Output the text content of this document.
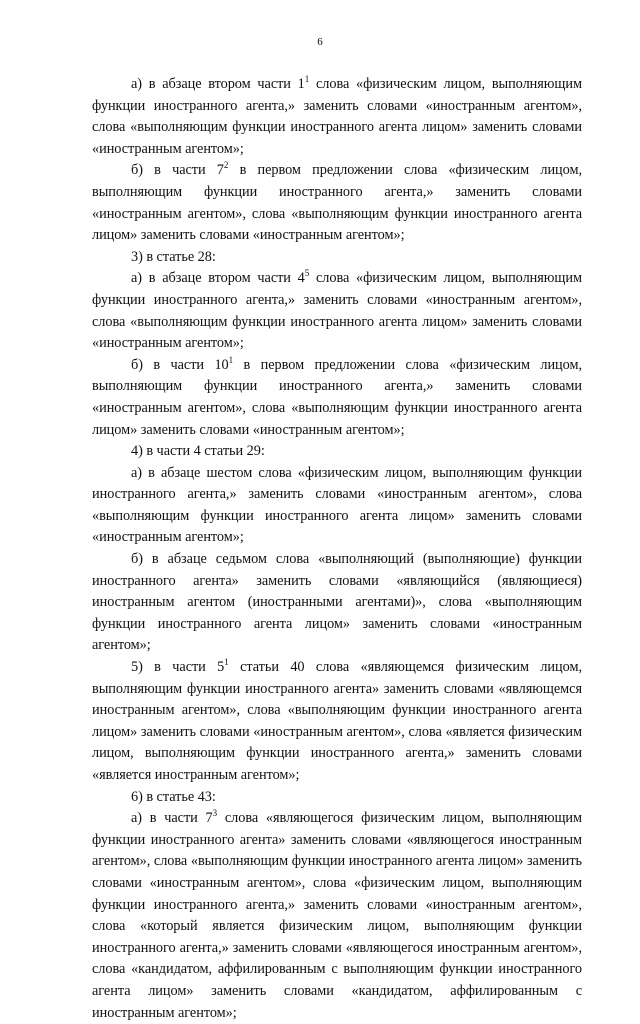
6

а) в абзаце втором части $1^1$ слова «физическим лицом, выполняющим функции иностранного агента,» заменить словами «иностранным агентом», слова «выполняющим функции иностранного агента лицом» заменить словами «иностранным агентом»;

б) в части $7^2$ в первом предложении слова «физическим лицом, выполняющим функции иностранного агента,» заменить словами «иностранным агентом», слова «выполняющим функции иностранного агента лицом» заменить словами «иностранным агентом»;

3) в статье 28:

а) в абзаце втором части $4^5$ слова «физическим лицом, выполняющим функции иностранного агента,» заменить словами «иностранным агентом», слова «выполняющим функции иностранного агента лицом» заменить словами «иностранным агентом»;

б) в части $10^1$ в первом предложении слова «физическим лицом, выполняющим функции иностранного агента,» заменить словами «иностранным агентом», слова «выполняющим функции иностранного агента лицом» заменить словами «иностранным агентом»;

4) в части 4 статьи 29:

а) в абзаце шестом слова «физическим лицом, выполняющим функции иностранного агента,» заменить словами «иностранным агентом», слова «выполняющим функции иностранного агента лицом» заменить словами «иностранным агентом»;

б) в абзаце седьмом слова «выполняющий (выполняющие) функции иностранного агента» заменить словами «являющийся (являющиеся) иностранным агентом (иностранными агентами)», слова «выполняющим функции иностранного агента лицом» заменить словами «иностранным агентом»;

5) в части $5^1$ статьи 40 слова «являющемся физическим лицом, выполняющим функции иностранного агента» заменить словами «являющемся иностранным агентом», слова «выполняющим функции иностранного агента лицом» заменить словами «иностранным агентом», слова «является физическим лицом, выполняющим функции иностранного агента,» заменить словами «является иностранным агентом»;

6) в статье 43:

а) в части $7^3$ слова «являющегося физическим лицом, выполняющим функции иностранного агента» заменить словами «являющегося иностранным агентом», слова «выполняющим функции иностранного агента лицом» заменить словами «иностранным агентом», слова «физическим лицом, выполняющим функции иностранного агента,» заменить словами «иностранным агентом», слова «который является физическим лицом, выполняющим функции иностранного агента,» заменить словами «являющегося иностранным агентом», слова «кандидатом, аффилированным с выполняющим функции иностранного агента лицом» заменить словами «кандидатом, аффилированным с иностранным агентом»;
